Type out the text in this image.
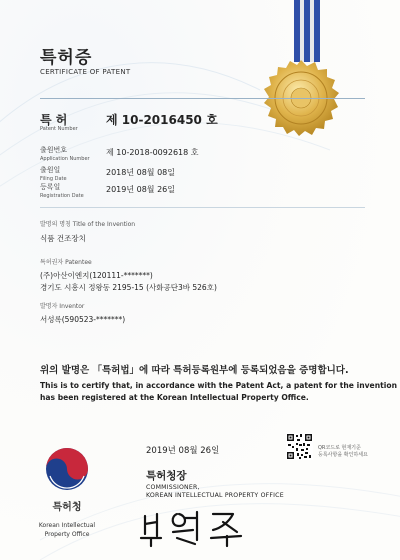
특허증
CERTIFICATE OF PATENT
특 허
Patent Number
제 10-2016450 호
출원번호
Application Number
제 10-2018-0092618 호
출원일
Filing Date
2018년 08월 08일
등록일
Registration Date
2019년 08월 26일
발명의 명칭 Title of the Invention
식품 건조장치
특허권자 Patentee
(주)아산이엔지(120111-*******)
경기도 시흥시 정왕동 2195-15 (사화공단3바 526호)
발명자 Inventor
서성록(590523-*******)
위의 발명은 「특허법」에 따라 특허등록원부에 등록되었음을 증명합니다.
This is to certify that, in accordance with the Patent Act, a patent for the invention
has been registered at the Korean Intellectual Property Office.
2019년 08월 26일	QR코드로 현재기준
등록사항을 확인하세요
특허청장
COMMISSIONER,
KOREAN INTELLECTUAL PROPERTY OFFICE
특허청
Korean Intellectual
Property Office
